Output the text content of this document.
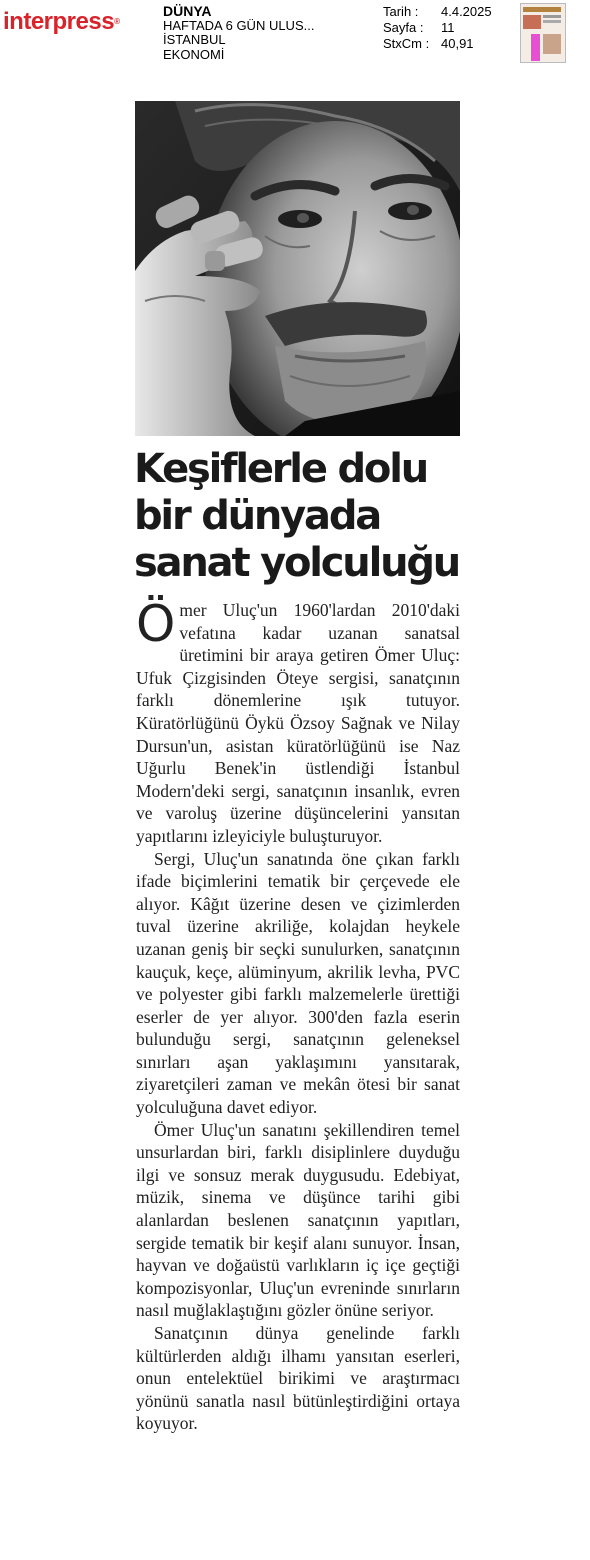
interpress®
DÜNYA
HAFTADA 6 GÜN ULUS...
İSTANBUL
EKONOMİ
Tarih :	4.4.2025
Sayfa :	11
StxCm : 40,91
Keşiflerle dolu
bir dünyada
sanat yolculuğu

Ömer Uluç'un 1960'lardan 2010'daki vefatına kadar uzanan sanatsal üretimini bir araya getiren Ömer Uluç: Ufuk Çizgisinden Öteye sergisi, sanatçının farklı dönemlerine ışık tutuyor. Küratörlüğünü Öykü Özsoy Sağnak ve Nilay Dursun'un, asistan küratörlüğünü ise Naz Uğurlu Benek'in üstlendiği İstanbul Modern'deki sergi, sanatçının insanlık, evren ve varoluş üzerine düşüncelerini yansıtan yapıtlarını izleyiciyle buluşturuyor.

Sergi, Uluç'un sanatında öne çıkan farklı ifade biçimlerini tematik bir çerçevede ele alıyor. Kâğıt üzerine desen ve çizimlerden tuval üzerine akriliğe, kolajdan heykele uzanan geniş bir seçki sunulurken, sanatçının kauçuk, keçe, alüminyum, akrilik levha, PVC ve polyester gibi farklı malzemelerle ürettiği eserler de yer alıyor. 300'den fazla eserin bulunduğu sergi, sanatçının geleneksel sınırları aşan yaklaşımını yansıtarak, ziyaretçileri zaman ve mekân ötesi bir sanat yolculuğuna davet ediyor.

Ömer Uluç'un sanatını şekillendiren temel unsurlardan biri, farklı disiplinlere duyduğu ilgi ve sonsuz merak duygusudu. Edebiyat, müzik, sinema ve düşünce tarihi gibi alanlardan beslenen sanatçının yapıtları, sergide tematik bir keşif alanı sunuyor. İnsan, hayvan ve doğaüstü varlıkların iç içe geçtiği kompozisyonlar, Uluç'un evreninde sınırların nasıl muğlaklaştığını gözler önüne seriyor.

Sanatçının dünya genelinde farklı kültürlerden aldığı ilhamı yansıtan eserleri, onun entelektüel birikimi ve araştırmacı yönünü sanatla nasıl bütünleştirdiğini ortaya koyuyor.
